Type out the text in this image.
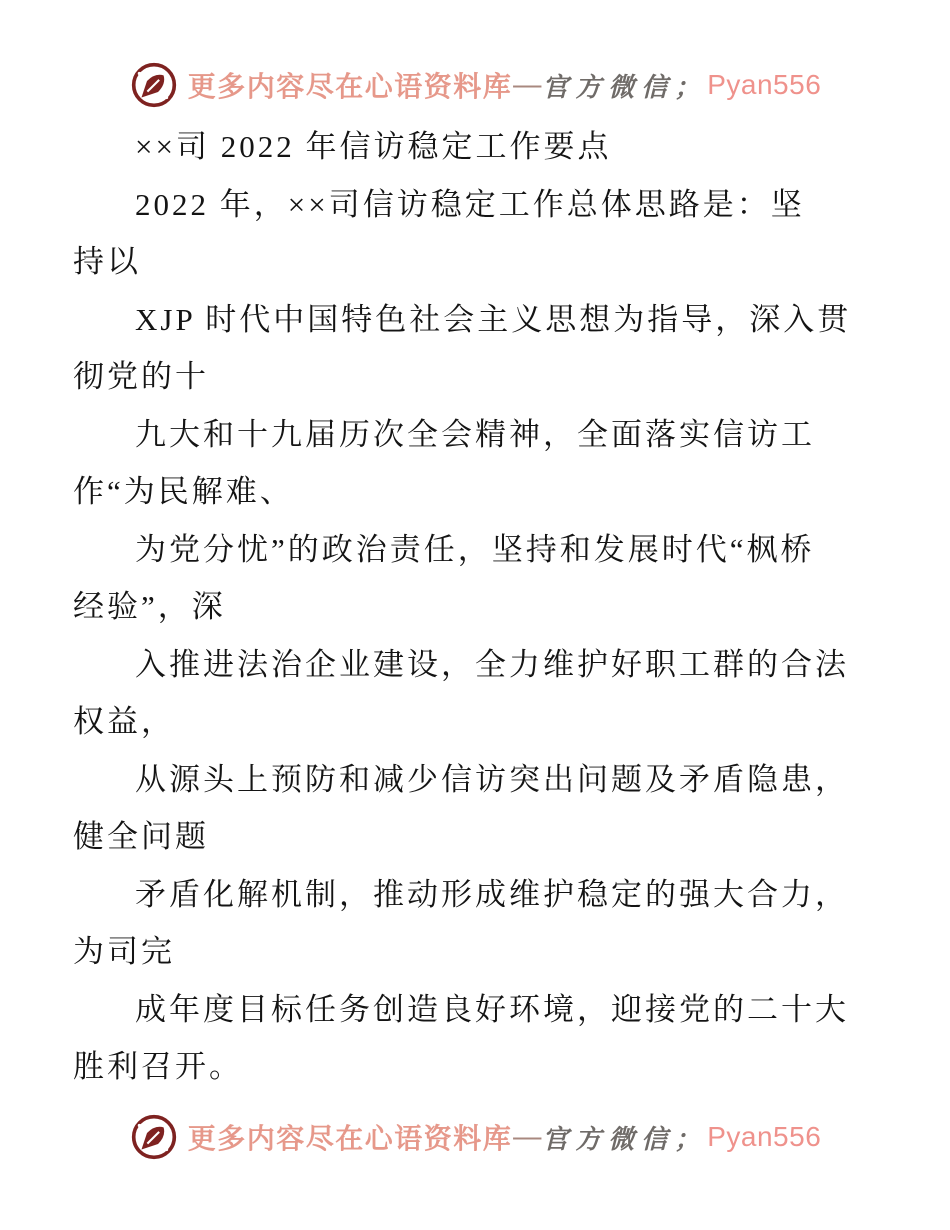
更多内容尽在心语资料库 — 官方微信； Pyan556
××司 2022 年信访稳定工作要点
2022 年，××司信访稳定工作总体思路是：坚
持以
XJP 时代中国特色社会主义思想为指导，深入贯
彻党的十
九大和十九届历次全会精神，全面落实信访工
作“为民解难、
为党分忧”的政治责任，坚持和发展时代“枫桥
经验”，深
入推进法治企业建设，全力维护好职工群的合法
权益，
从源头上预防和减少信访突出问题及矛盾隐患，
健全问题
矛盾化解机制，推动形成维护稳定的强大合力，
为司完
成年度目标任务创造良好环境，迎接党的二十大
胜利召开。
更多内容尽在心语资料库 — 官方微信； Pyan556
